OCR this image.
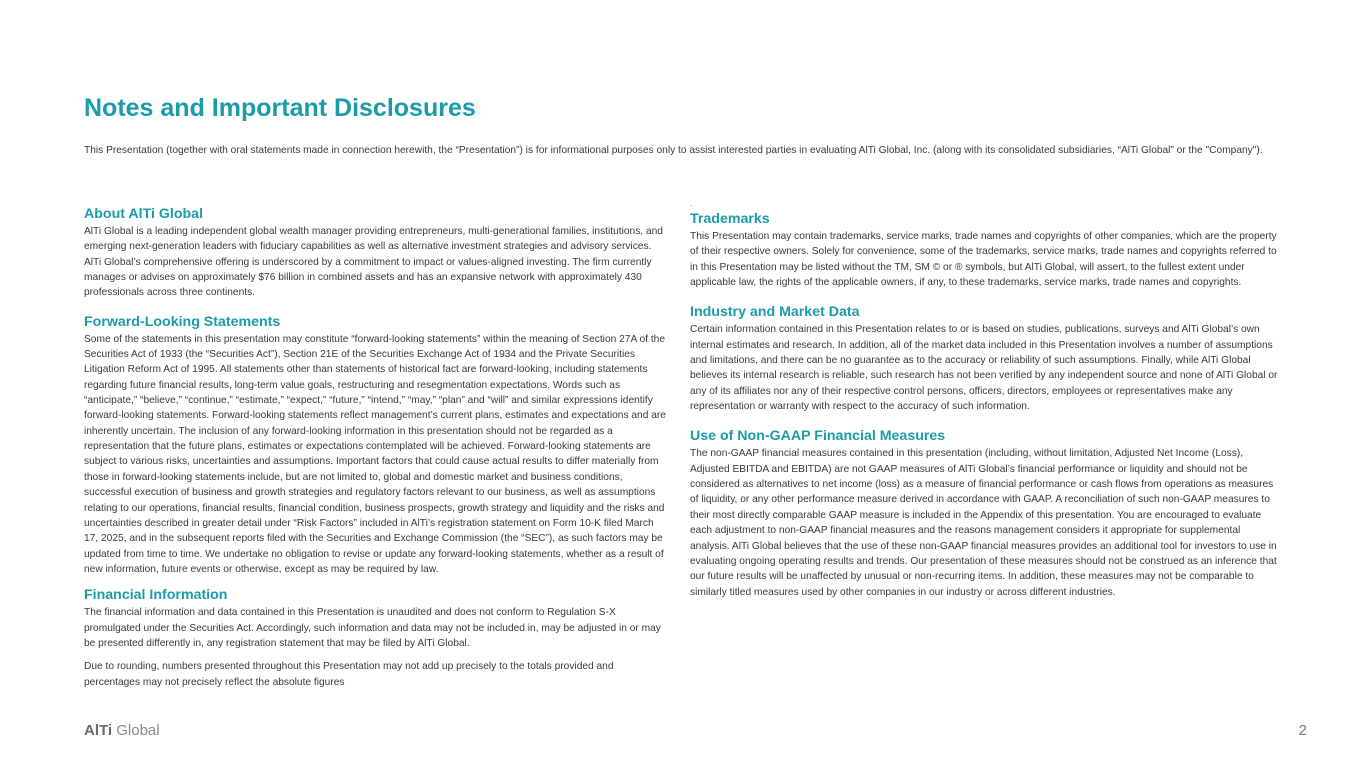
Notes and Important Disclosures

This Presentation (together with oral statements made in connection herewith, the “Presentation”) is for informational purposes only to assist interested parties in evaluating AlTi Global, Inc. (along with its consolidated subsidiaries, “AlTi Global” or the "Company").

About AlTi Global

AlTi Global is a leading independent global wealth manager providing entrepreneurs, multi-generational families, institutions, and emerging next-generation leaders with fiduciary capabilities as well as alternative investment strategies and advisory services. AlTi Global’s comprehensive offering is underscored by a commitment to impact or values-aligned investing. The firm currently manages or advises on approximately $76 billion in combined assets and has an expansive network with approximately 430 professionals across three continents.

Forward-Looking Statements

Some of the statements in this presentation may constitute “forward-looking statements” within the meaning of Section 27A of the Securities Act of 1933 (the “Securities Act”), Section 21E of the Securities Exchange Act of 1934 and the Private Securities Litigation Reform Act of 1995. All statements other than statements of historical fact are forward-looking, including statements regarding future financial results, long-term value goals, restructuring and resegmentation expectations. Words such as “anticipate,” “believe,” “continue,” “estimate,” “expect,” “future,” “intend,” “may,” “plan” and “will” and similar expressions identify forward-looking statements. Forward-looking statements reflect management’s current plans, estimates and expectations and are inherently uncertain. The inclusion of any forward-looking information in this presentation should not be regarded as a representation that the future plans, estimates or expectations contemplated will be achieved. Forward-looking statements are subject to various risks, uncertainties and assumptions. Important factors that could cause actual results to differ materially from those in forward-looking statements include, but are not limited to, global and domestic market and business conditions, successful execution of business and growth strategies and regulatory factors relevant to our business, as well as assumptions relating to our operations, financial results, financial condition, business prospects, growth strategy and liquidity and the risks and uncertainties described in greater detail under “Risk Factors” included in AlTi’s registration statement on Form 10-K filed March 17, 2025, and in the subsequent reports filed with the Securities and Exchange Commission (the “SEC”), as such factors may be updated from time to time. We undertake no obligation to revise or update any forward-looking statements, whether as a result of new information, future events or otherwise, except as may be required by law.

Financial Information

The financial information and data contained in this Presentation is unaudited and does not conform to Regulation S-X promulgated under the Securities Act. Accordingly, such information and data may not be included in, may be adjusted in or may be presented differently in, any registration statement that may be filed by AlTi Global.

Due to rounding, numbers presented throughout this Presentation may not add up precisely to the totals provided and percentages may not precisely reflect the absolute figures

.
Trademarks

This Presentation may contain trademarks, service marks, trade names and copyrights of other companies, which are the property of their respective owners. Solely for convenience, some of the trademarks, service marks, trade names and copyrights referred to in this Presentation may be listed without the TM, SM © or ® symbols, but AlTi Global, will assert, to the fullest extent under applicable law, the rights of the applicable owners, if any, to these trademarks, service marks, trade names and copyrights.

Industry and Market Data

Certain information contained in this Presentation relates to or is based on studies, publications, surveys and AlTi Global’s own internal estimates and research. In addition, all of the market data included in this Presentation involves a number of assumptions and limitations, and there can be no guarantee as to the accuracy or reliability of such assumptions. Finally, while AlTi Global believes its internal research is reliable, such research has not been verified by any independent source and none of AlTi Global or any of its affiliates nor any of their respective control persons, officers, directors, employees or representatives make any representation or warranty with respect to the accuracy of such information.

Use of Non-GAAP Financial Measures

The non-GAAP financial measures contained in this presentation (including, without limitation, Adjusted Net Income (Loss), Adjusted EBITDA and EBITDA) are not GAAP measures of AlTi Global’s financial performance or liquidity and should not be considered as alternatives to net income (loss) as a measure of financial performance or cash flows from operations as measures of liquidity, or any other performance measure derived in accordance with GAAP. A reconciliation of such non-GAAP measures to their most directly comparable GAAP measure is included in the Appendix of this presentation. You are encouraged to evaluate each adjustment to non-GAAP financial measures and the reasons management considers it appropriate for supplemental analysis. AlTi Global believes that the use of these non-GAAP financial measures provides an additional tool for investors to use in evaluating ongoing operating results and trends. Our presentation of these measures should not be construed as an inference that our future results will be unaffected by unusual or non-recurring items. In addition, these measures may not be comparable to similarly titled measures used by other companies in our industry or across different industries.

AlTi Global	2
